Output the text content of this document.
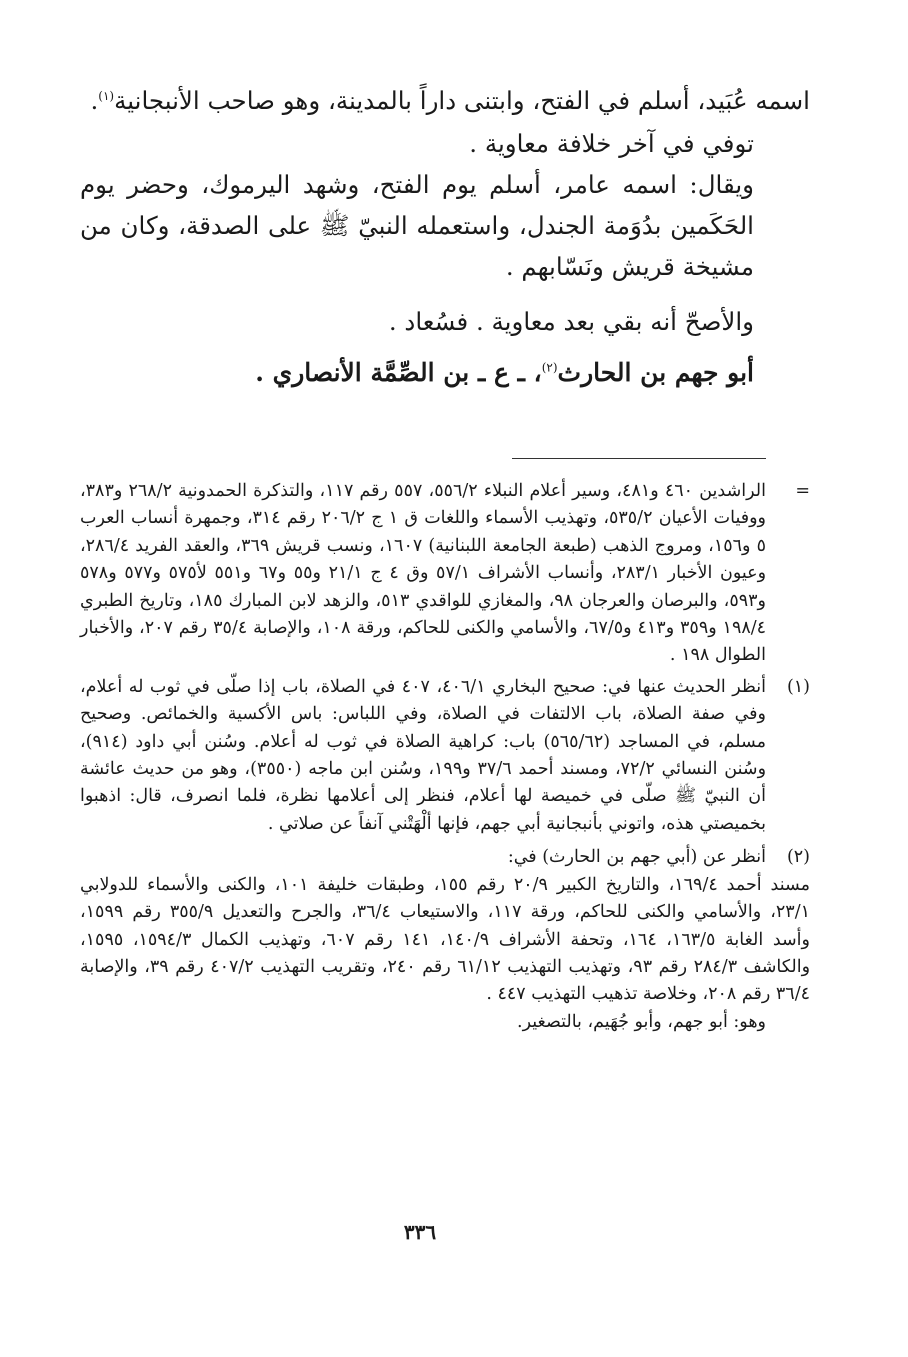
اسمه عُبَيد، أسلم في الفتح، وابتنى داراً بالمدينة، وهو صاحب الأنبجانية$^{(١)}$.

توفي في آخر خلافة معاوية .

ويقال: اسمه عامر، أسلم يوم الفتح، وشهد اليرموك، وحضر يوم الحَكَمين بدُوَمة الجندل، واستعمله النبيّ ﷺ على الصدقة، وكان من مشيخة قريش ونَسّابهم .

والأصحّ أنه بقي بعد معاوية . فسُعاد .

أبو جهم بن الحارث$^{(٢)}$، ـ ع ـ بن الصِّمَّة الأنصاري .

=

الراشدين ٤٦٠ و٤٨١، وسير أعلام النبلاء ٥٥٦/٢، ٥٥٧ رقم ١١٧، والتذكرة الحمدونية ٢٦٨/٢ و٣٨٣، ووفيات الأعيان ٥٣٥/٢، وتهذيب الأسماء واللغات ق ١ ج ٢٠٦/٢ رقم ٣١٤، وجمهرة أنساب العرب ٥ و١٥٦، ومروج الذهب (طبعة الجامعة اللبنانية) ١٦٠٧، ونسب قريش ٣٦٩، والعقد الفريد ٢٨٦/٤، وعيون الأخبار ٢٨٣/١، وأنساب الأشراف ٥٧/١ وق ٤ ج ٢١/١ و٥٥ و٦٧ و٥٥١ لأ٥٧٥ و٥٧٧ و٥٧٨ و٥٩٣، والبرصان والعرجان ٩٨، والمغازي للواقدي ٥١٣، والزهد لابن المبارك ١٨٥، وتاريخ الطبري ١٩٨/٤ و٣٥٩ و٤١٣ و٦٧/٥، والأسامي والكنى للحاكم، ورقة ١٠٨، والإصابة ٣٥/٤ رقم ٢٠٧، والأخبار الطوال ١٩٨ .

(١)

أنظر الحديث عنها في: صحيح البخاري ٤٠٦/١، ٤٠٧ في الصلاة، باب إذا صلّى في ثوب له أعلام، وفي صفة الصلاة، باب الالتفات في الصلاة، وفي اللباس: باس الأكسية والخمائص. وصحيح مسلم، في المساجد (٥٦٥/٦٢) باب: كراهية الصلاة في ثوب له أعلام. وسُنن أبي داود (٩١٤)، وسُنن النسائي ٧٢/٢، ومسند أحمد ٣٧/٦ و١٩٩، وسُنن ابن ماجه (٣٥٥٠)، وهو من حديث عائشة أن النبيّ ﷺ صلّى في خميصة لها أعلام، فنظر إلى أعلامها نظرة، فلما انصرف، قال: اذهبوا بخميصتي هذه، واتوني بأنبجانية أبي جهم، فإنها ألْهَتْني آنفاً عن صلاتي .

(٢)

أنظر عن (أبي جهم بن الحارث) في:

مسند أحمد ١٦٩/٤، والتاريخ الكبير ٢٠/٩ رقم ١٥٥، وطبقات خليفة ١٠١، والكنى والأسماء للدولابي ٢٣/١، والأسامي والكنى للحاكم، ورقة ١١٧، والاستيعاب ٣٦/٤، والجرح والتعديل ٣٥٥/٩ رقم ١٥٩٩، وأسد الغابة ١٦٣/٥، ١٦٤، وتحفة الأشراف ١٤٠/٩، ١٤١ رقم ٦٠٧، وتهذيب الكمال ١٥٩٤/٣، ١٥٩٥، والكاشف ٢٨٤/٣ رقم ٩٣، وتهذيب التهذيب ٦١/١٢ رقم ٢٤٠، وتقريب التهذيب ٤٠٧/٢ رقم ٣٩، والإصابة ٣٦/٤ رقم ٢٠٨، وخلاصة تذهيب التهذيب ٤٤٧ .

وهو: أبو جهم، وأبو جُهَيم، بالتصغير.

٣٣٦
